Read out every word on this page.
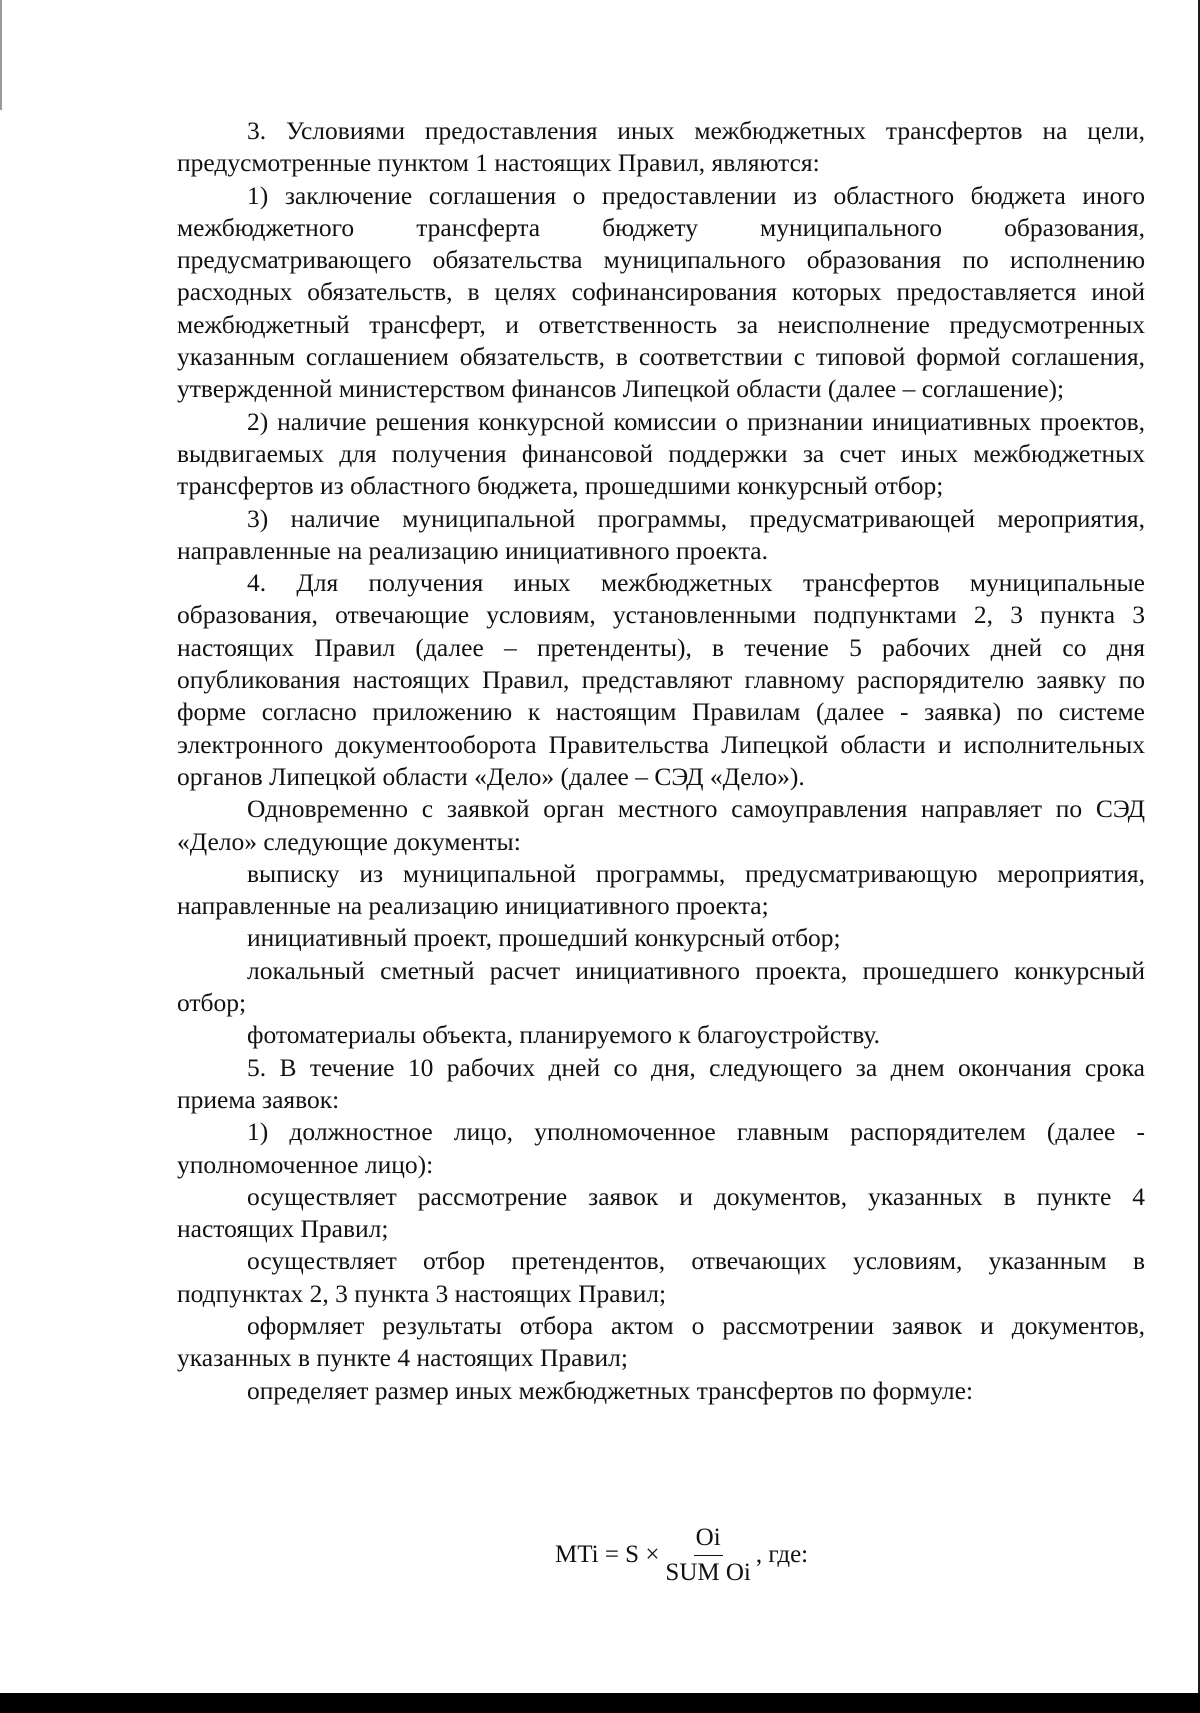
3. Условиями предоставления иных межбюджетных трансфертов на цели, предусмотренные пунктом 1 настоящих Правил, являются:

1) заключение соглашения о предоставлении из областного бюджета иного межбюджетного трансферта бюджету муниципального образования, предусматривающего обязательства муниципального образования по исполнению расходных обязательств, в целях софинансирования которых предоставляется иной межбюджетный трансферт, и ответственность за неисполнение предусмотренных указанным соглашением обязательств, в соответствии с типовой формой соглашения, утвержденной министерством финансов Липецкой области (далее – соглашение);

2) наличие решения конкурсной комиссии о признании инициативных проектов, выдвигаемых для получения финансовой поддержки за счет иных межбюджетных трансфертов из областного бюджета, прошедшими конкурсный отбор;

3) наличие муниципальной программы, предусматривающей мероприятия, направленные на реализацию инициативного проекта.

4. Для получения иных межбюджетных трансфертов муниципальные образования, отвечающие условиям, установленными подпунктами 2, 3 пункта 3 настоящих Правил (далее – претенденты), в течение 5 рабочих дней со дня опубликования настоящих Правил, представляют главному распорядителю заявку по форме согласно приложению к настоящим Правилам (далее - заявка) по системе электронного документооборота Правительства Липецкой области и исполнительных органов Липецкой области «Дело» (далее – СЭД «Дело»).

Одновременно с заявкой орган местного самоуправления направляет по СЭД «Дело» следующие документы:

выписку из муниципальной программы, предусматривающую мероприятия, направленные на реализацию инициативного проекта;

инициативный проект, прошедший конкурсный отбор;

локальный сметный расчет инициативного проекта, прошедшего конкурсный отбор;

фотоматериалы объекта, планируемого к благоустройству.

5. В течение 10 рабочих дней со дня, следующего за днем окончания срока приема заявок:

1) должностное лицо, уполномоченное главным распорядителем (далее - уполномоченное лицо):

осуществляет рассмотрение заявок и документов, указанных в пункте 4 настоящих Правил;

осуществляет отбор претендентов, отвечающих условиям, указанным в подпунктах 2, 3 пункта 3 настоящих Правил;

оформляет результаты отбора актом о рассмотрении заявок и документов, указанных в пункте 4 настоящих Правил;

определяет размер иных межбюджетных трансфертов по формуле:

MTi = $S \times \frac{Oi}{\text{SUM Oi}}$ , где:
